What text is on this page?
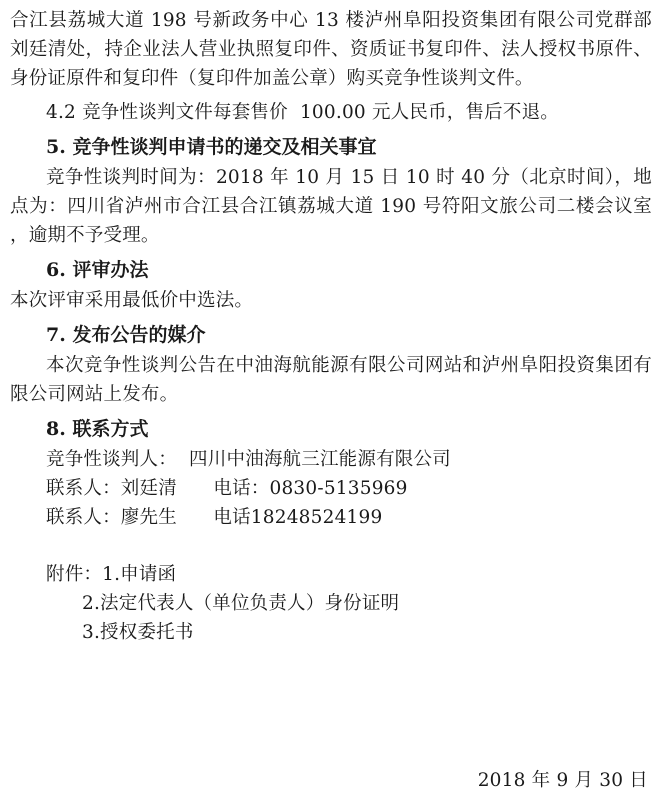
合江县荔城大道 198 号新政务中心 13 楼泸州阜阳投资集团有限公司党群部刘廷清处，持企业法人营业执照复印件、资质证书复印件、法人授权书原件、身份证原件和复印件（复印件加盖公章）购买竞争性谈判文件。
4.2 竞争性谈判文件每套售价  100.00 元人民币，售后不退。
5. 竞争性谈判申请书的递交及相关事宜
竞争性谈判时间为：2018 年 10 月 15 日 10 时 40 分（北京时间），地点为：四川省泸州市合江县合江镇荔城大道 190 号符阳文旅公司二楼会议室 ，逾期不予受理。
6. 评审办法
本次评审采用最低价中选法。
7. 发布公告的媒介
本次竞争性谈判公告在中油海航能源有限公司网站和泸州阜阳投资集团有限公司网站上发布。
8. 联系方式
竞争性谈判人：  四川中油海航三江能源有限公司
联系人：刘廷清      电话：0830-5135969
联系人：廖先生      电话18248524199
附件：1.申请函
2.法定代表人（单位负责人）身份证明
3.授权委托书
2018 年 9 月 30 日
